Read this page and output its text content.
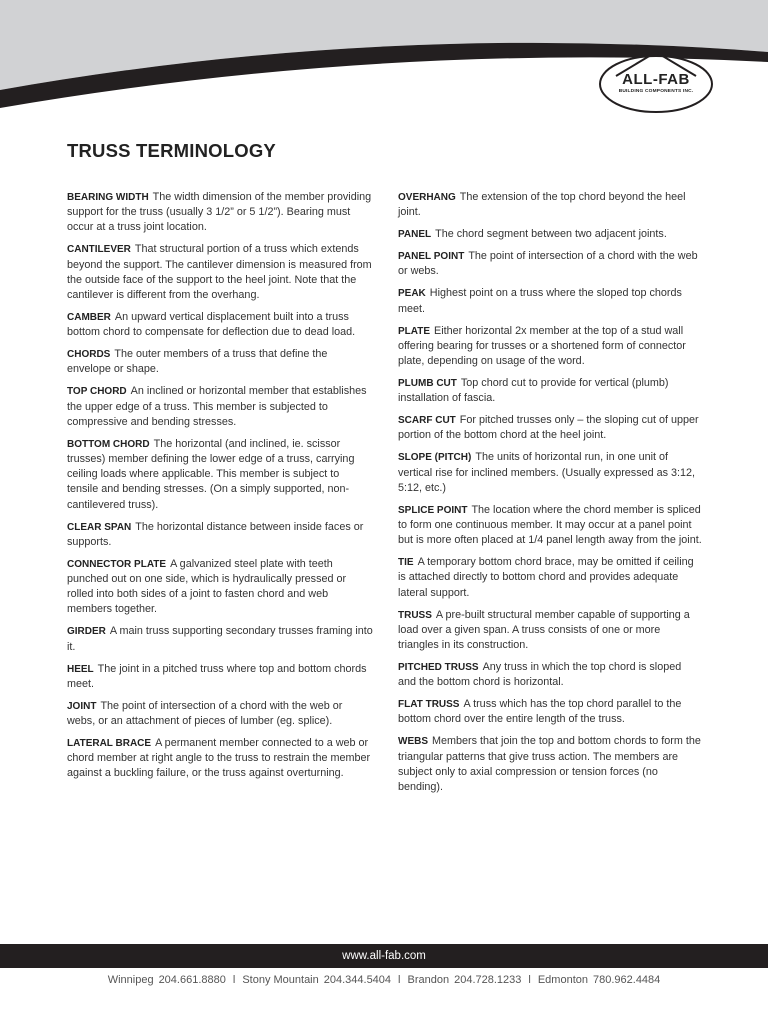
ALL-FAB
BUILDING COMPONENTS INC.
TRUSS TERMINOLOGY

BEARING WIDTH The width dimension of the member providing support for the truss (usually 3 1/2” or 5 1/2”). Bearing must occur at a truss joint location.

CANTILEVER That structural portion of a truss which extends beyond the support. The cantilever dimension is measured from the outside face of the support to the heel joint. Note that the cantilever is different from the overhang.

CAMBER An upward vertical displacement built into a truss bottom chord to compensate for deflection due to dead load.

CHORDS The outer members of a truss that define the envelope or shape.

TOP CHORD An inclined or horizontal member that establishes the upper edge of a truss. This member is subjected to compressive and bending stresses.

BOTTOM CHORD The horizontal (and inclined, ie. scissor trusses) member defining the lower edge of a truss, carrying ceiling loads where applicable. This member is subject to tensile and bending stresses. (On a simply supported, non-cantilevered truss).

CLEAR SPAN The horizontal distance between inside faces or supports.

CONNECTOR PLATE A galvanized steel plate with teeth punched out on one side, which is hydraulically pressed or rolled into both sides of a joint to fasten chord and web members together.

GIRDER A main truss supporting secondary trusses framing into it.

HEEL The joint in a pitched truss where top and bottom chords meet.

JOINT The point of intersection of a chord with the web or webs, or an attachment of pieces of lumber (eg. splice).

LATERAL BRACE A permanent member connected to a web or chord member at right angle to the truss to restrain the member against a buckling failure, or the truss against overturning.

OVERHANG The extension of the top chord beyond the heel joint.

PANEL The chord segment between two adjacent joints.

PANEL POINT The point of intersection of a chord with the web or webs.

PEAK Highest point on a truss where the sloped top chords meet.

PLATE Either horizontal 2x member at the top of a stud wall offering bearing for trusses or a shortened form of connector plate, depending on usage of the word.

PLUMB CUT Top chord cut to provide for vertical (plumb) installation of fascia.

SCARF CUT For pitched trusses only – the sloping cut of upper portion of the bottom chord at the heel joint.

SLOPE (PITCH) The units of horizontal run, in one unit of vertical rise for inclined members. (Usually expressed as 3:12, 5:12, etc.)

SPLICE POINT The location where the chord member is spliced to form one continuous member. It may occur at a panel point but is more often placed at 1/4 panel length away from the joint.

TIE A temporary bottom chord brace, may be omitted if ceiling is attached directly to bottom chord and provides adequate lateral support.

TRUSS A pre-built structural member capable of supporting a load over a given span. A truss consists of one or more triangles in its construction.

PITCHED TRUSS Any truss in which the top chord is sloped and the bottom chord is horizontal.

FLAT TRUSS A truss which has the top chord parallel to the bottom chord over the entire length of the truss.

WEBS Members that join the top and bottom chords to form the triangular patterns that give truss action. The members are subject only to axial compression or tension forces (no bending).

www.all-fab.com
Winnipeg 204.661.8880 l Stony Mountain 204.344.5404 l Brandon 204.728.1233 l Edmonton 780.962.4484
